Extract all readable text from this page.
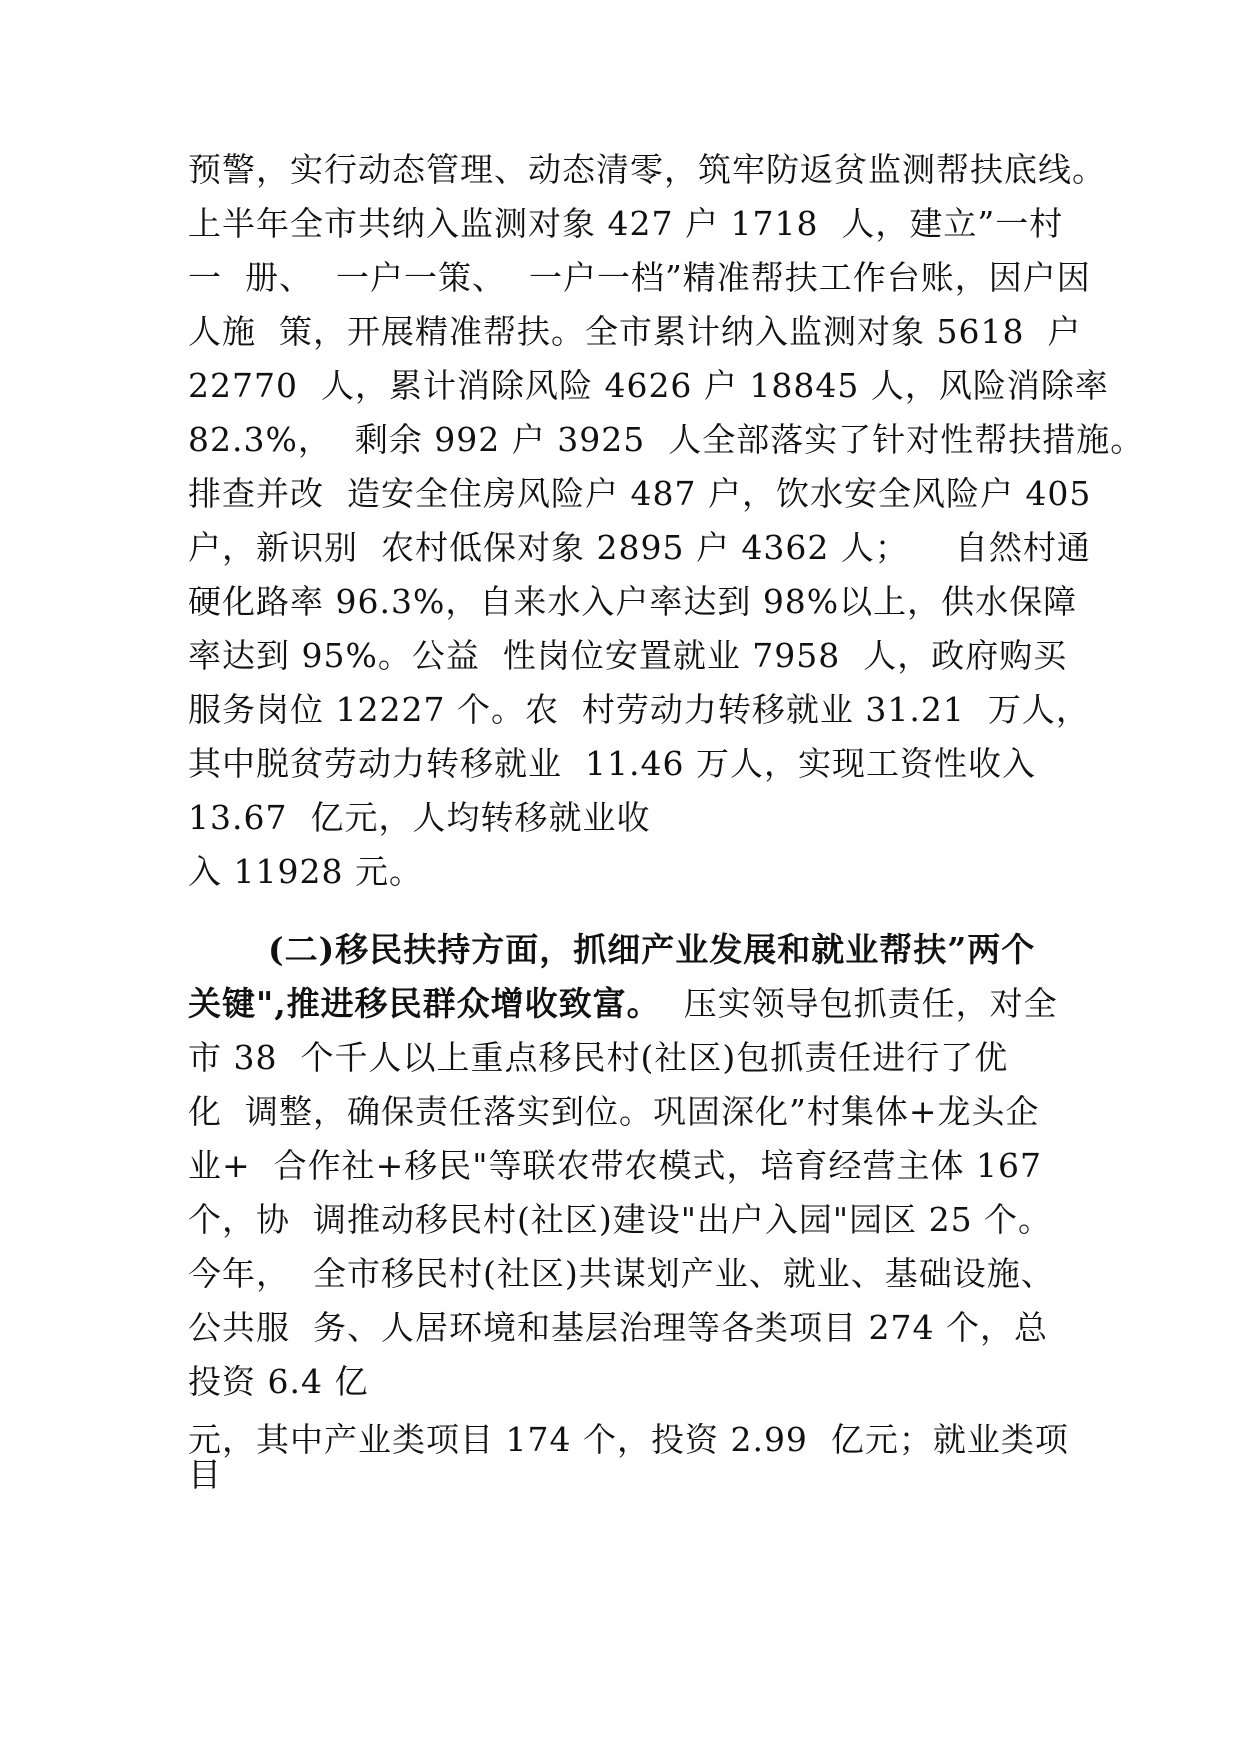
预警，实行动态管理、动态清零，筑牢防返贫监测帮扶底线。
上半年全市共纳入监测对象 427 户 1718  人，建立”一村
一  册、  一户一策、  一户一档”精准帮扶工作台账，因户因
人施  策，开展精准帮扶。全市累计纳入监测对象 5618  户
22770  人，累计消除风险 4626 户 18845 人，风险消除率
82.3%，  剩余 992 户 3925  人全部落实了针对性帮扶措施。
排查并改  造安全住房风险户 487 户，饮水安全风险户 405
户，新识别  农村低保对象 2895 户 4362 人；    自然村通
硬化路率 96.3%，自来水入户率达到 98%以上，供水保障
率达到 95%。公益  性岗位安置就业 7958  人，政府购买
服务岗位 12227 个。农  村劳动力转移就业 31.21  万人，
其中脱贫劳动力转移就业  11.46 万人，实现工资性收入
13.67  亿元，人均转移就业收
入 11928 元。
(二)移民扶持方面，抓细产业发展和就业帮扶”两个
关键",推进移民群众增收致富。  压实领导包抓责任，对全
市 38  个千人以上重点移民村(社区)包抓责任进行了优
化  调整，确保责任落实到位。巩固深化”村集体+龙头企
业+  合作社+移民"等联农带农模式，培育经营主体 167
个，协  调推动移民村(社区)建设"出户入园"园区 25 个。
今年，  全市移民村(社区)共谋划产业、就业、基础设施、
公共服  务、人居环境和基层治理等各类项目 274 个，总
投资 6.4 亿
元，其中产业类项目 174 个，投资 2.99  亿元；就业类项
目
